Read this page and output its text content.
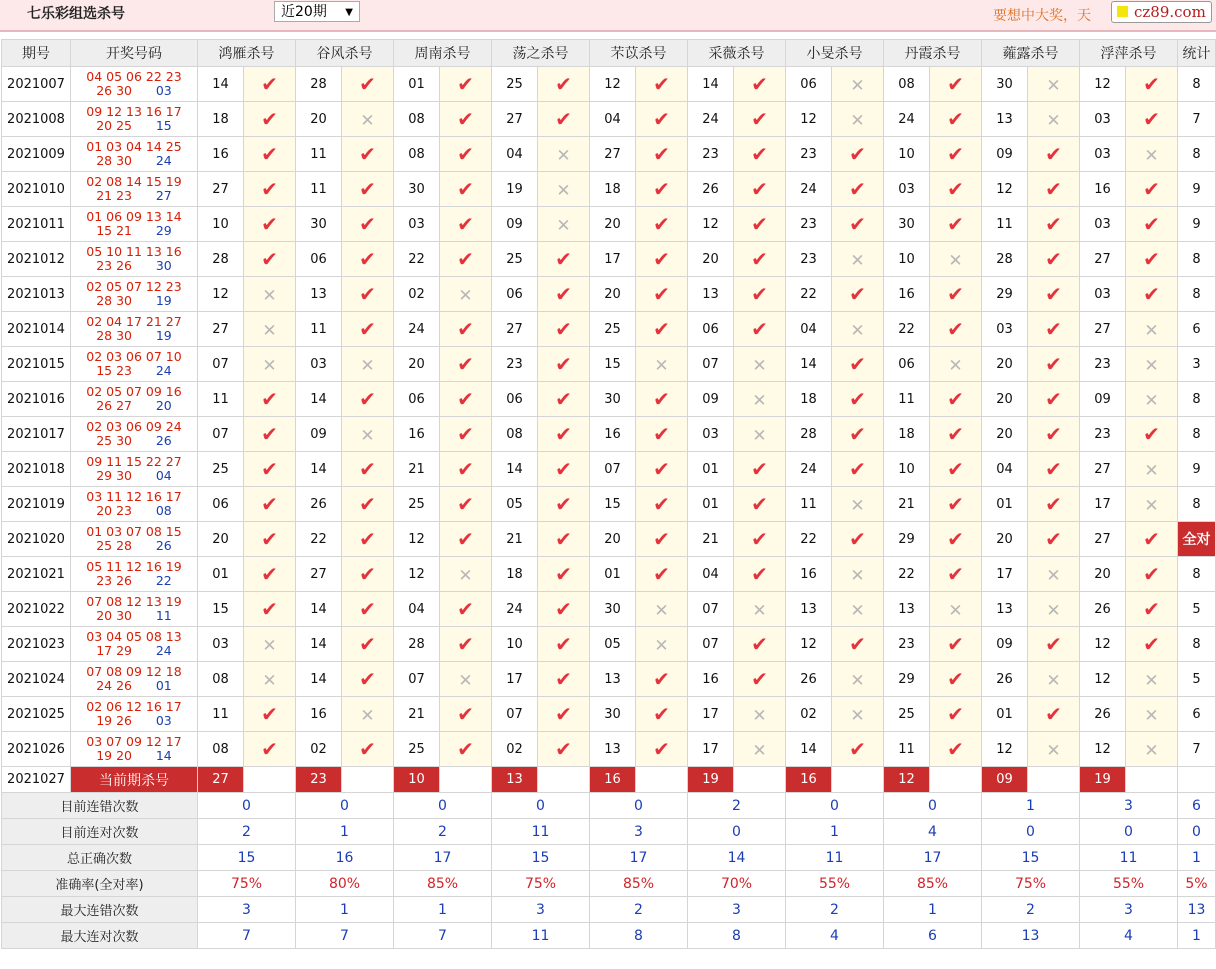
七乐彩组选杀号	近20期 ▼	要想中大奖，天	cz89.com
期号	开奖号码	鸿雁杀号		谷风杀号		周南杀号		荡之杀号		芣苡杀号		采薇杀号		小旻杀号		丹霞杀号		蕹露杀号		浮萍杀号		统计
2021007	04 05 06 22 23
26 30 03	14	✔	28	✔	01	✔	25	✔	12	✔	14	✔	06	✕	08	✔	30	✕	12	✔	8
2021008	09 12 13 16 17
20 25 15	18	✔	20	✕	08	✔	27	✔	04	✔	24	✔	12	✕	24	✔	13	✕	03	✔	7
2021009	01 03 04 14 25
28 30 24	16	✔	11	✔	08	✔	04	✕	27	✔	23	✔	23	✔	10	✔	09	✔	03	✕	8
2021010	02 08 14 15 19
21 23 27	27	✔	11	✔	30	✔	19	✕	18	✔	26	✔	24	✔	03	✔	12	✔	16	✔	9
2021011	01 06 09 13 14
15 21 29	10	✔	30	✔	03	✔	09	✕	20	✔	12	✔	23	✔	30	✔	11	✔	03	✔	9
2021012	05 10 11 13 16
23 26 30	28	✔	06	✔	22	✔	25	✔	17	✔	20	✔	23	✕	10	✕	28	✔	27	✔	8
2021013	02 05 07 12 23
28 30 19	12	✕	13	✔	02	✕	06	✔	20	✔	13	✔	22	✔	16	✔	29	✔	03	✔	8
2021014	02 04 17 21 27
28 30 19	27	✕	11	✔	24	✔	27	✔	25	✔	06	✔	04	✕	22	✔	03	✔	27	✕	6
2021015	02 03 06 07 10
15 23 24	07	✕	03	✕	20	✔	23	✔	15	✕	07	✕	14	✔	06	✕	20	✔	23	✕	3
2021016	02 05 07 09 16
26 27 20	11	✔	14	✔	06	✔	06	✔	30	✔	09	✕	18	✔	11	✔	20	✔	09	✕	8
2021017	02 03 06 09 24
25 30 26	07	✔	09	✕	16	✔	08	✔	16	✔	03	✕	28	✔	18	✔	20	✔	23	✔	8
2021018	09 11 15 22 27
29 30 04	25	✔	14	✔	21	✔	14	✔	07	✔	01	✔	24	✔	10	✔	04	✔	27	✕	9
2021019	03 11 12 16 17
20 23 08	06	✔	26	✔	25	✔	05	✔	15	✔	01	✔	11	✕	21	✔	01	✔	17	✕	8
2021020	01 03 07 08 15
25 28 26	20	✔	22	✔	12	✔	21	✔	20	✔	21	✔	22	✔	29	✔	20	✔	27	✔	全对
2021021	05 11 12 16 19
23 26 22	01	✔	27	✔	12	✕	18	✔	01	✔	04	✔	16	✕	22	✔	17	✕	20	✔	8
2021022	07 08 12 13 19
20 30 11	15	✔	14	✔	04	✔	24	✔	30	✕	07	✕	13	✕	13	✕	13	✕	26	✔	5
2021023	03 04 05 08 13
17 29 24	03	✕	14	✔	28	✔	10	✔	05	✕	07	✔	12	✔	23	✔	09	✔	12	✔	8
2021024	07 08 09 12 18
24 26 01	08	✕	14	✔	07	✕	17	✔	13	✔	16	✔	26	✕	29	✔	26	✕	12	✕	5
2021025	02 06 12 16 17
19 26 03	11	✔	16	✕	21	✔	07	✔	30	✔	17	✕	02	✕	25	✔	01	✔	26	✕	6
2021026	03 07 09 12 17
19 20 14	08	✔	02	✔	25	✔	02	✔	13	✔	17	✕	14	✔	11	✔	12	✕	12	✕	7
2021027	当前期杀号	27		23		10		13		16		19		16		12		09		19		
目前连错次数		0		0		0		0		0		2		0		0		1		3		6
目前连对次数		2		1		2		11		3		0		1		4		0		0		0
总正确次数		15		16		17		15		17		14		11		17		15		11		1
准确率(全对率)		75%		80%		85%		75%		85%		70%		55%		85%		75%		55%		5%
最大连错次数		3		1		1		3		2		3		2		1		2		3		13
最大连对次数		7		7		7		11		8		8		4		6		13		4		1
